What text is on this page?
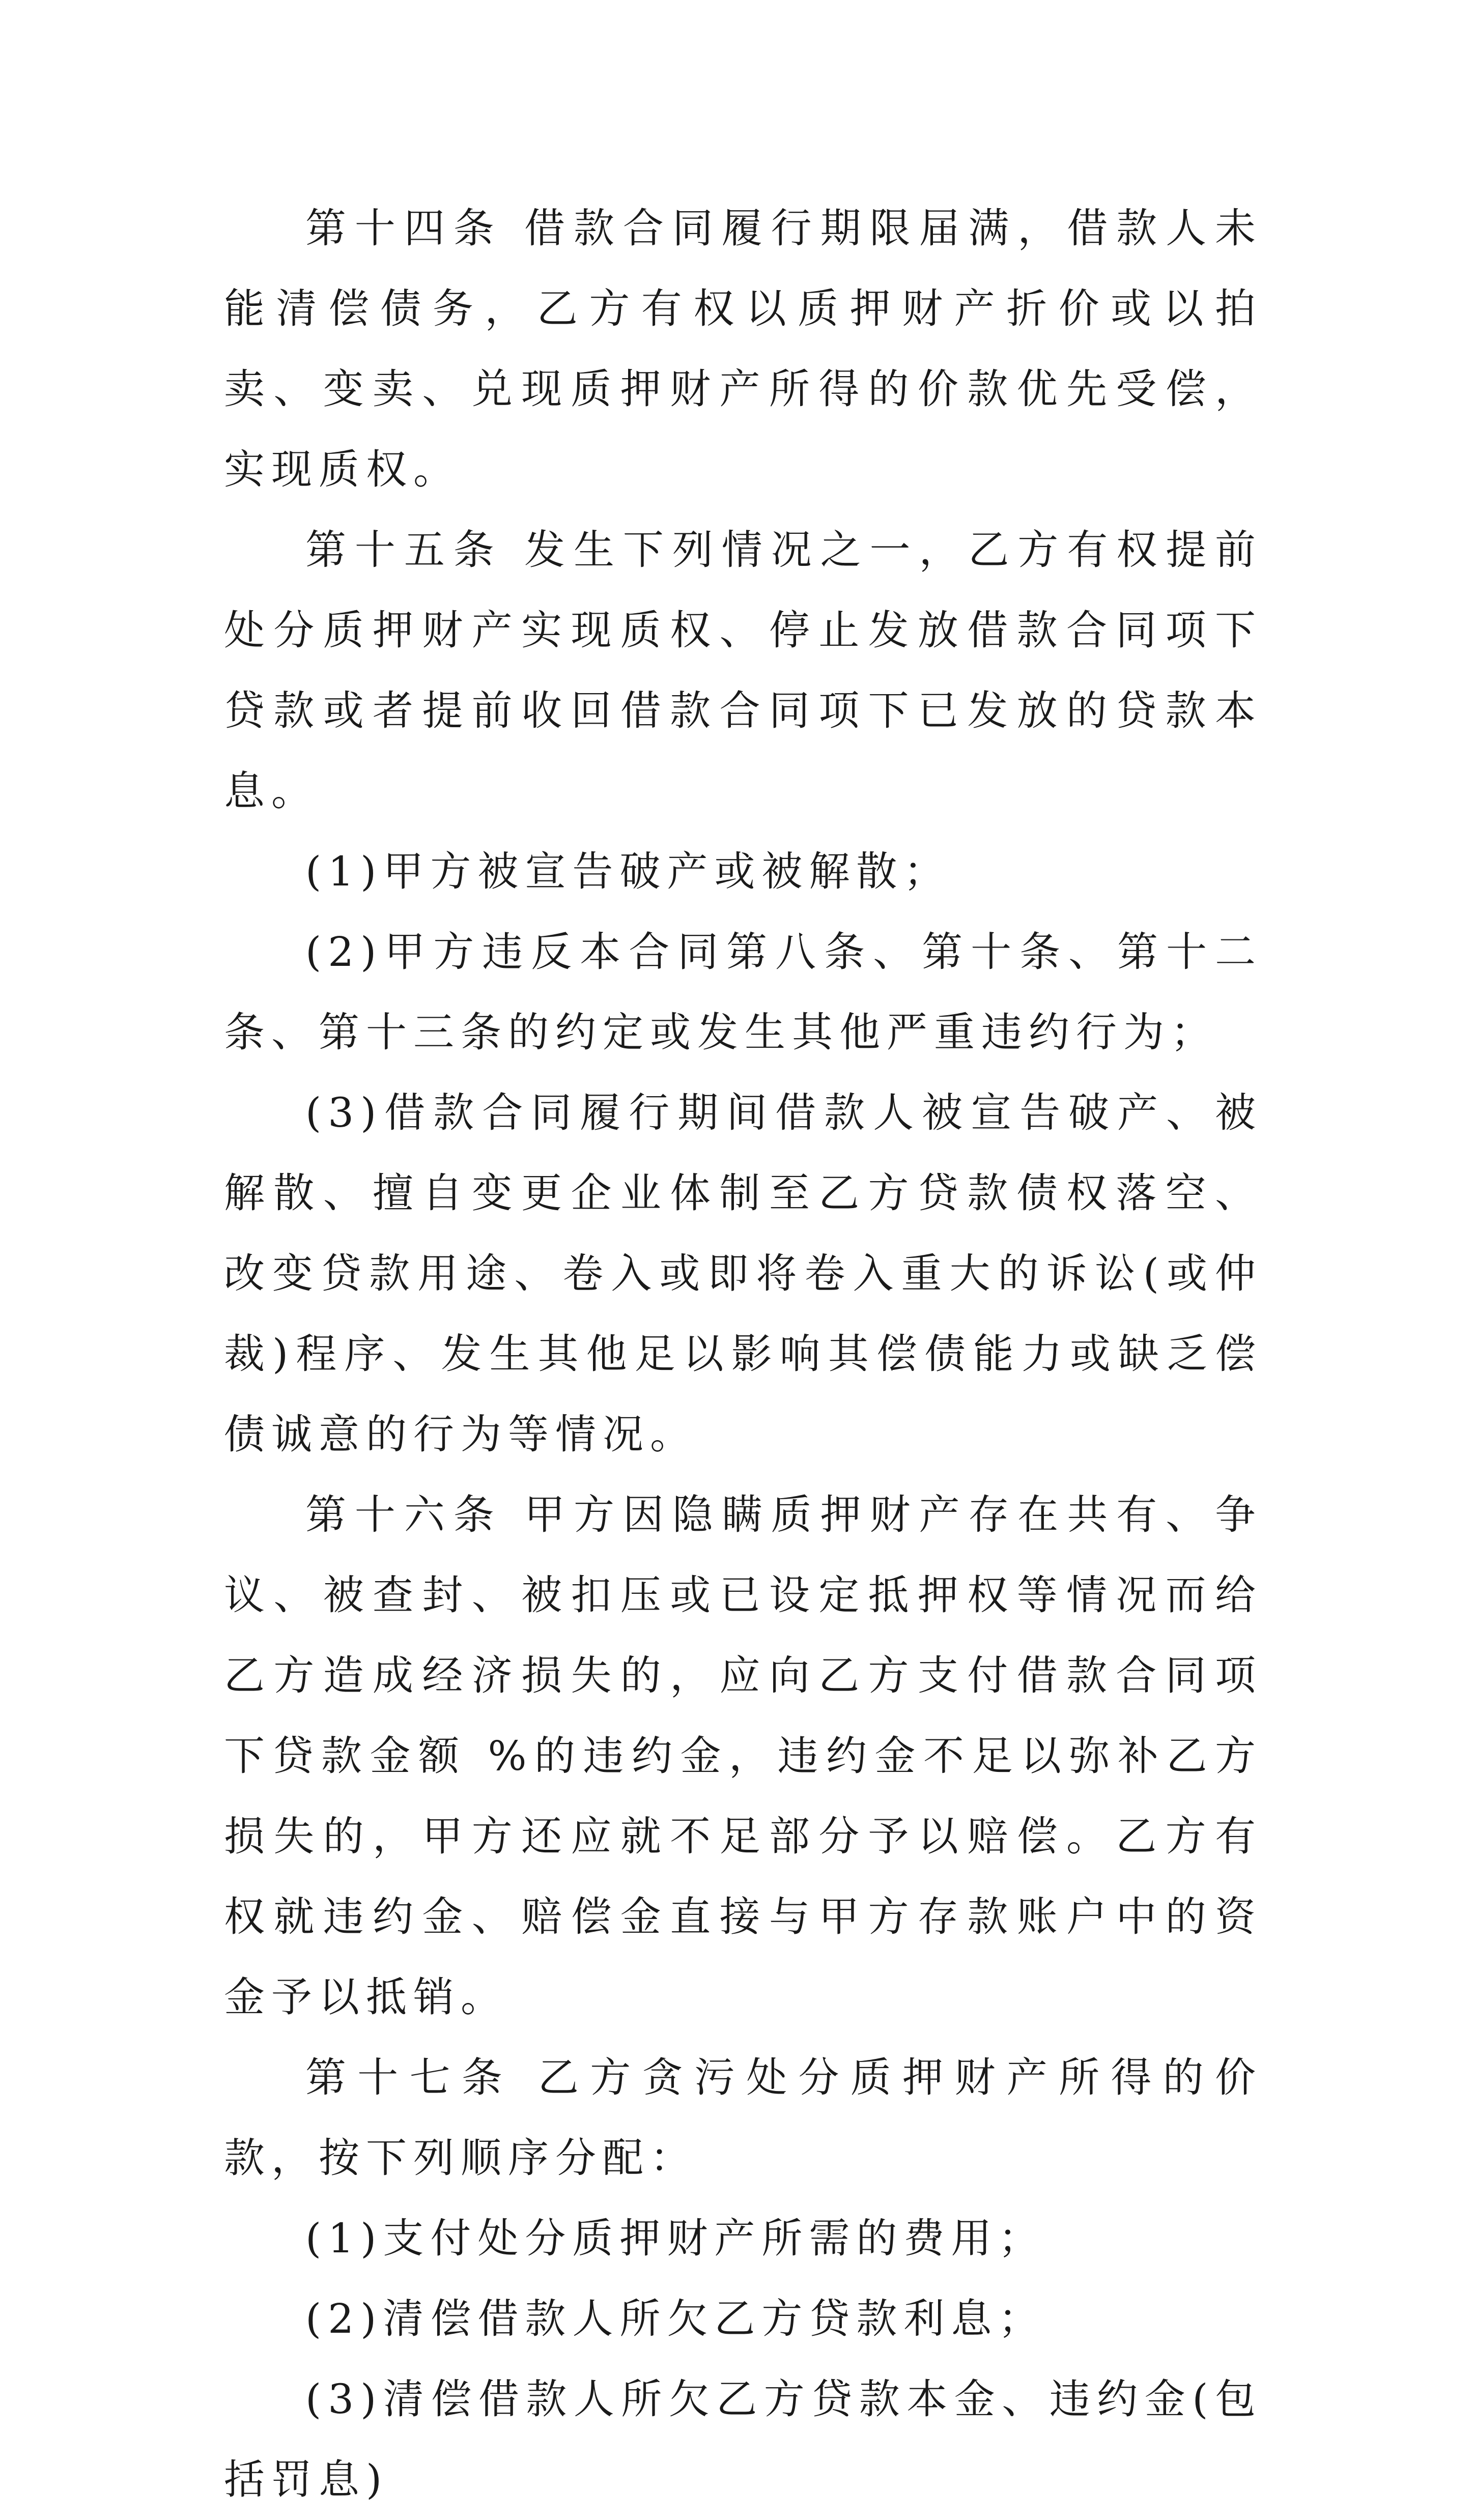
第十四条 借款合同履行期限届满，借款人未能清偿债务，乙方有权以质押财产折价或以拍卖、变卖、兑现质押财产所得的价款优先受偿，实现质权。

第十五条 发生下列情况之一，乙方有权提前处分质押财产实现质权、停止发放借款合同项下贷款或者提前收回借款合同项下已发放的贷款本息。

(1)甲方被宣告破产或被解散；

(2)甲方违反本合同第八条、第十条、第十二条、第十三条的约定或发生其他严重违约行为；

(3)借款合同履行期间借款人被宣告破产、被解散、擅自变更企业体制至乙方贷款债权落空、改变贷款用途、卷入或即将卷入重大的诉讼(或仲裁)程序、发生其他足以影响其偿债能力或缺乏偿债诚意的行为等情况。

第十六条 甲方因隐瞒质押财产存在共有、争议、被查封、被扣压或已设定抵押权等情况而给乙方造成经济损失的，应向乙方支付借款合同项下贷款金额 %的违约金，违约金不足以弥补乙方损失的，甲方还应就不足部分予以赔偿。乙方有权就违约金、赔偿金直接与甲方存款账户中的资金予以抵销。

第十七条 乙方贪污处分质押财产所得的价款，按下列顺序分配：

(1)支付处分质押财产所需的费用；

(2)清偿借款人所欠乙方贷款利息；

(3)清偿借款人所欠乙方贷款本金、违约金(包括罚息)
